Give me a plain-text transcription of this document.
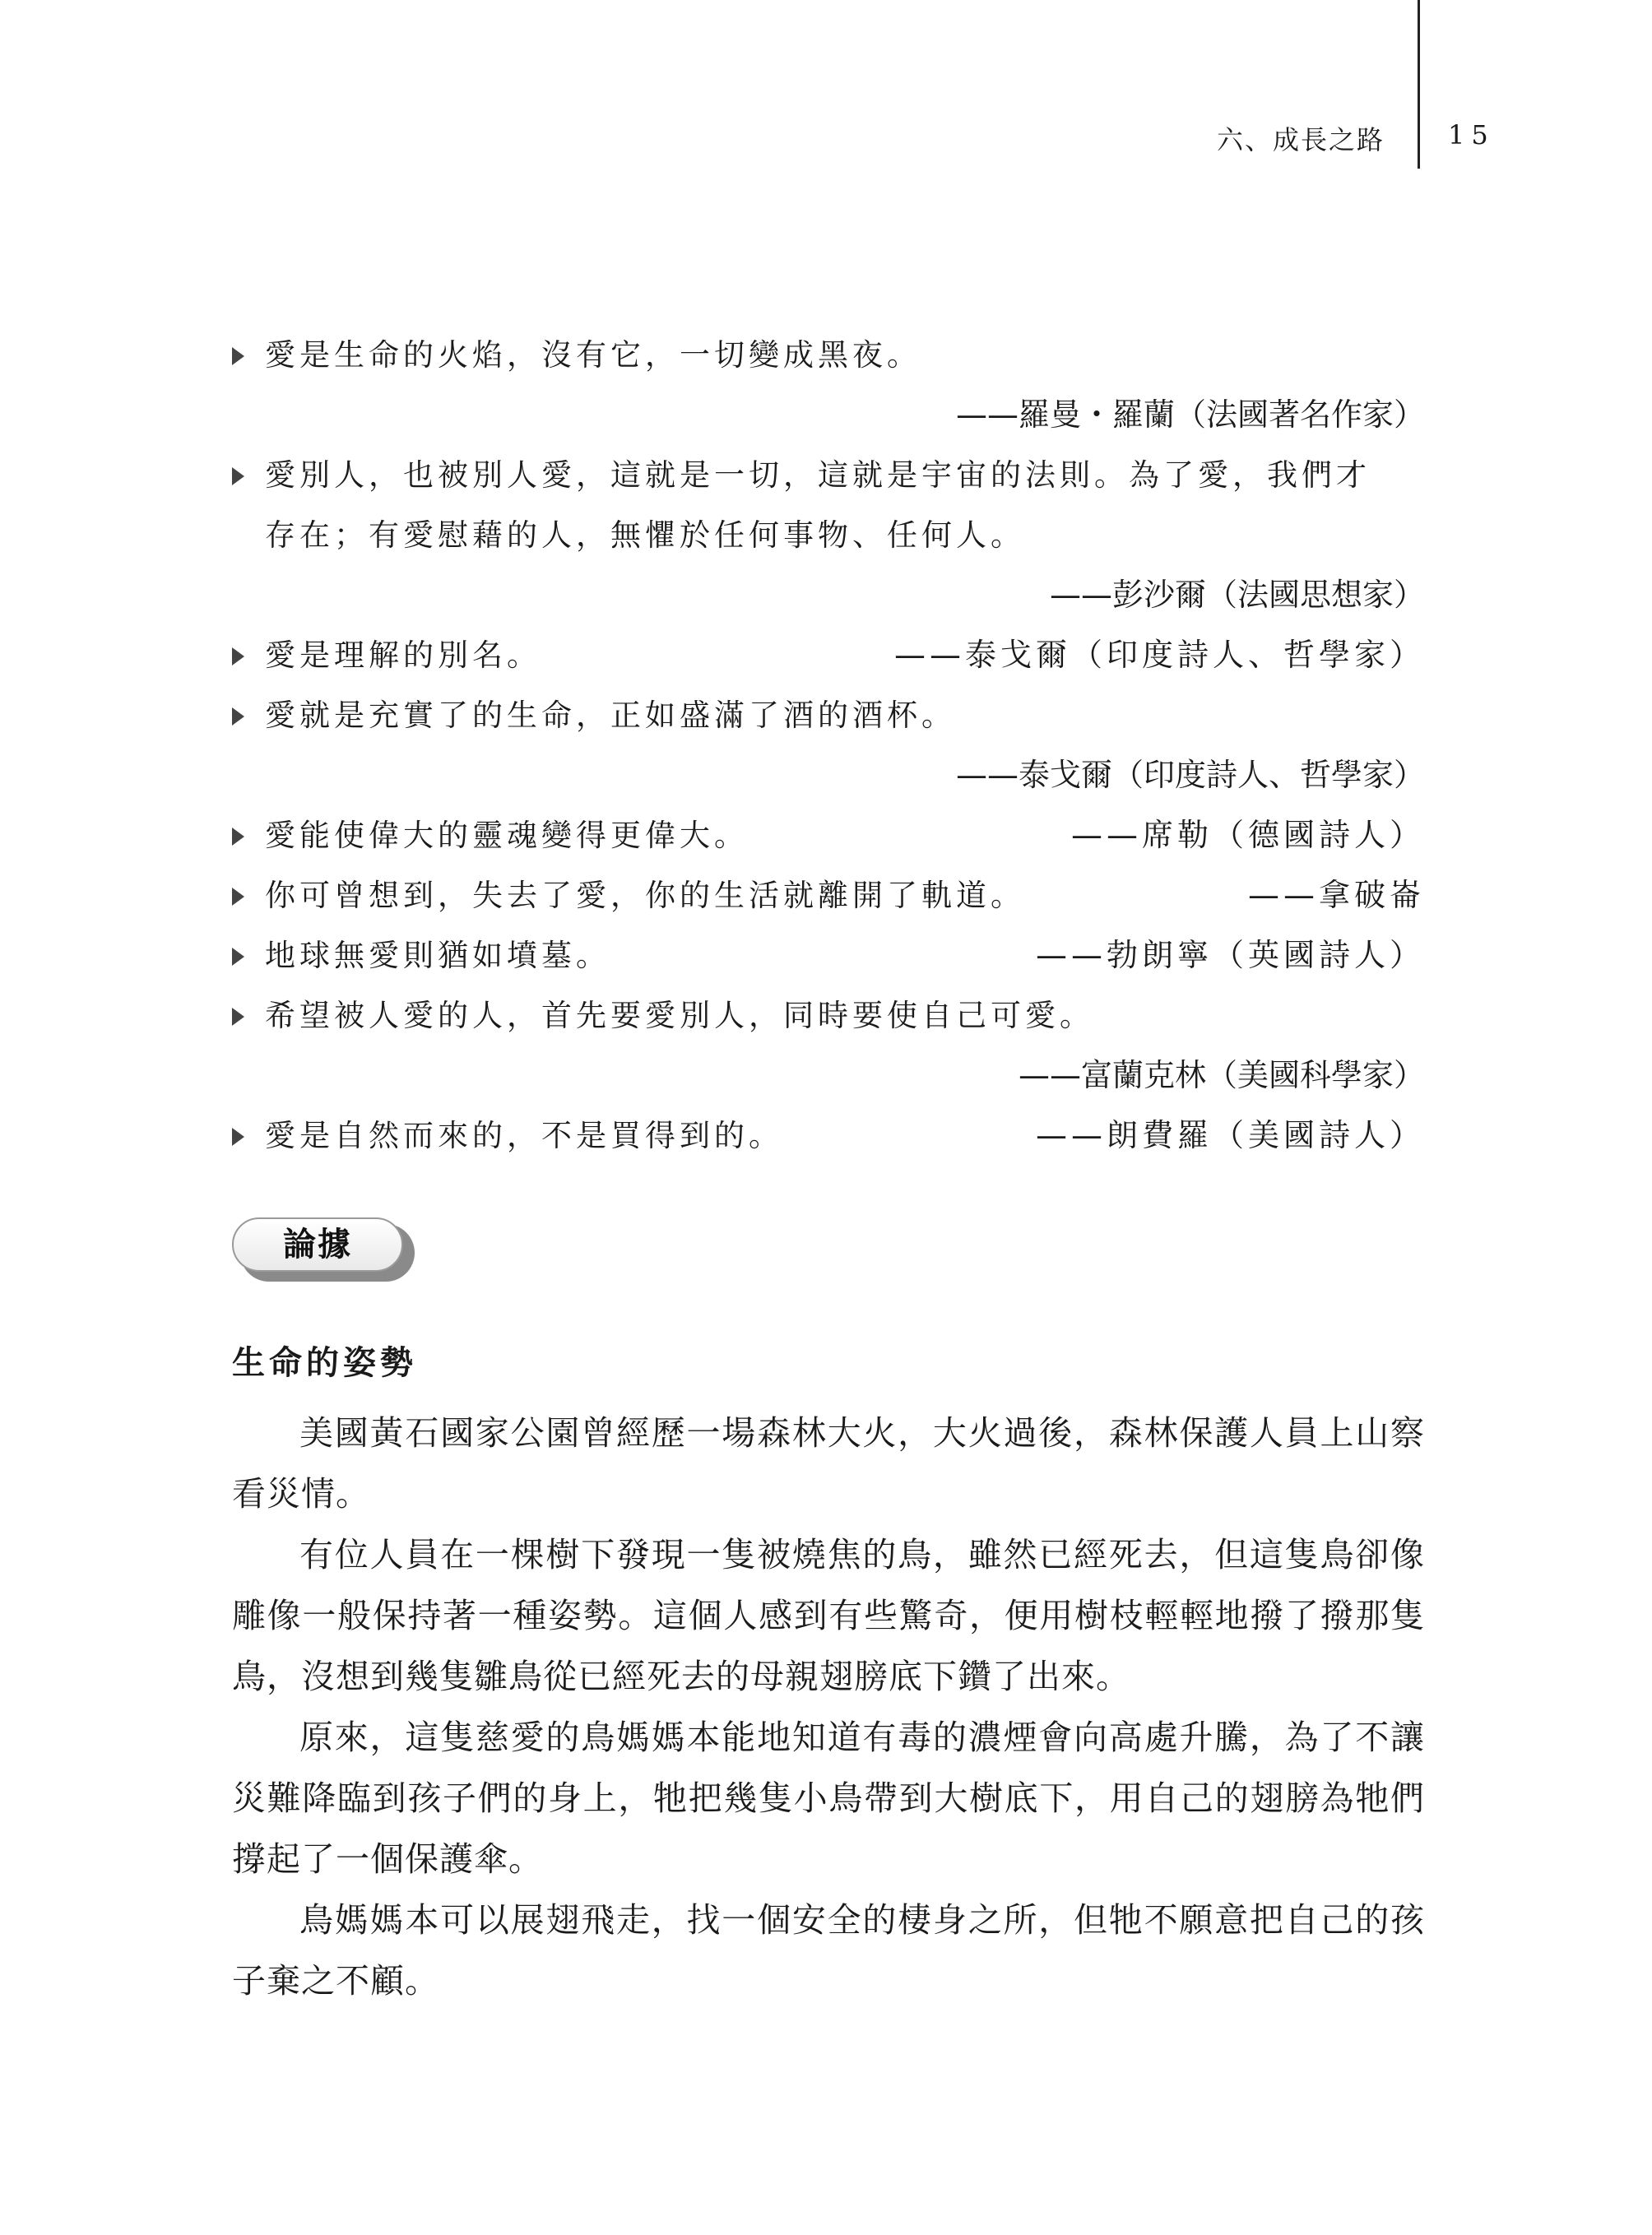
六、成長之路 15
愛是生命的火焰，沒有它，一切變成黑夜。
——羅曼・羅蘭（法國著名作家）
愛別人，也被別人愛，這就是一切，這就是宇宙的法則。為了愛，我們才
存在；有愛慰藉的人，無懼於任何事物、任何人。
——彭沙爾（法國思想家）
愛是理解的別名。	——泰戈爾（印度詩人、哲學家）
愛就是充實了的生命，正如盛滿了酒的酒杯。
——泰戈爾（印度詩人、哲學家）
愛能使偉大的靈魂變得更偉大。	——席勒（德國詩人）
你可曾想到，失去了愛，你的生活就離開了軌道。	——拿破崙
地球無愛則猶如墳墓。	——勃朗寧（英國詩人）
希望被人愛的人，首先要愛別人，同時要使自己可愛。
——富蘭克林（美國科學家）
愛是自然而來的，不是買得到的。	——朗費羅（美國詩人）
論據
生命的姿勢

美國黃石國家公園曾經歷一場森林大火，大火過後，森林保護人員上山察看災情。

有位人員在一棵樹下發現一隻被燒焦的鳥，雖然已經死去，但這隻鳥卻像雕像一般保持著一種姿勢。這個人感到有些驚奇，便用樹枝輕輕地撥了撥那隻鳥，沒想到幾隻雛鳥從已經死去的母親翅膀底下鑽了出來。

原來，這隻慈愛的鳥媽媽本能地知道有毒的濃煙會向高處升騰，為了不讓災難降臨到孩子們的身上，牠把幾隻小鳥帶到大樹底下，用自己的翅膀為牠們撐起了一個保護傘。

鳥媽媽本可以展翅飛走，找一個安全的棲身之所，但牠不願意把自己的孩子棄之不顧。
